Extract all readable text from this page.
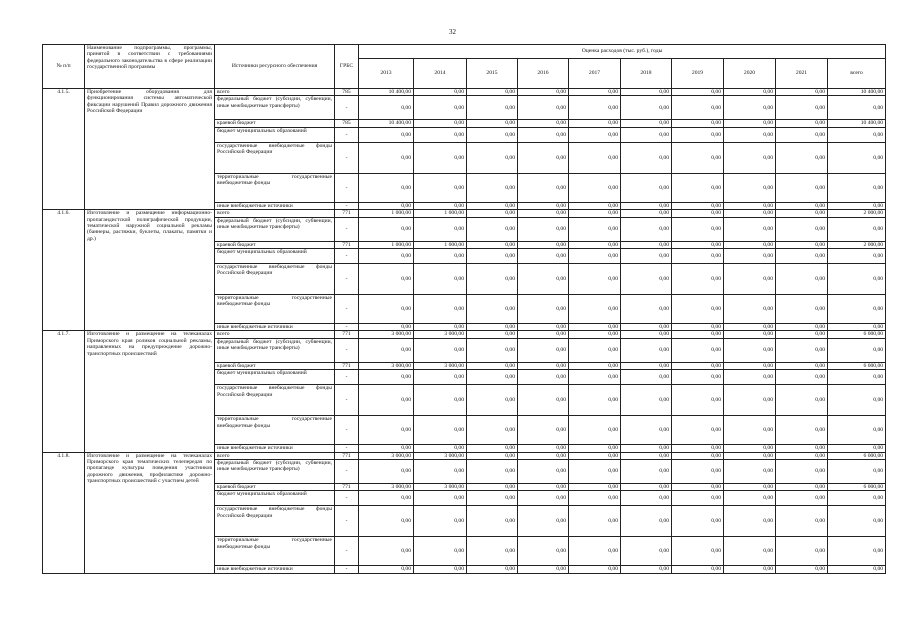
32
№ п/п	Наименование подпрограммы, программы, принятой в соответствии с требованиями федерального законодательства в сфере реализации государственной программы	Источники ресурсного обеспечения	ГРБС	Оценка расходов (тыс. руб.), годы									
				2013	2014	2015	2016	2017	2018	2019	2020	2021	всего
4.1.5.	Приобретение оборудования для функционирования системы автоматической фиксации нарушений Правил дорожного движения Российской Федерации	всего	785	10 400,00	0,00	0,00	0,00	0,00	0,00	0,00	0,00	0,00	10 400,00
		федеральный бюджет (субсидии, субвенции, иные межбюджетные трансферты)	-	0,00	0,00	0,00	0,00	0,00	0,00	0,00	0,00	0,00	0,00
		краевой бюджет	785	10 400,00	0,00	0,00	0,00	0,00	0,00	0,00	0,00	0,00	10 400,00
		бюджет муниципальных образований	-	0,00	0,00	0,00	0,00	0,00	0,00	0,00	0,00	0,00	0,00
		государственные внебюджетные фонды Российской Федерации	-	0,00	0,00	0,00	0,00	0,00	0,00	0,00	0,00	0,00	0,00
		территориальные государственные внебюджетные фонды	-	0,00	0,00	0,00	0,00	0,00	0,00	0,00	0,00	0,00	0,00
		иные внебюджетные источники	-	0,00	0,00	0,00	0,00	0,00	0,00	0,00	0,00	0,00	0,00
4.1.6.	Изготовление и размещение информационно-пропагандистской полиграфической продукции, тематической наружной социальной рекламы (баннеры, растяжки, буклеты, плакаты, памятки и др.)	всего	771	1 000,00	1 000,00	0,00	0,00	0,00	0,00	0,00	0,00	0,00	2 000,00
		федеральный бюджет (субсидии, субвенции, иные межбюджетные трансферты)	-	0,00	0,00	0,00	0,00	0,00	0,00	0,00	0,00	0,00	0,00
		краевой бюджет	771	1 000,00	1 000,00	0,00	0,00	0,00	0,00	0,00	0,00	0,00	2 000,00
		бюджет муниципальных образований	-	0,00	0,00	0,00	0,00	0,00	0,00	0,00	0,00	0,00	0,00
		государственные внебюджетные фонды Российской Федерации	-	0,00	0,00	0,00	0,00	0,00	0,00	0,00	0,00	0,00	0,00
		территориальные государственные внебюджетные фонды	-	0,00	0,00	0,00	0,00	0,00	0,00	0,00	0,00	0,00	0,00
		иные внебюджетные источники	-	0,00	0,00	0,00	0,00	0,00	0,00	0,00	0,00	0,00	0,00
4.1.7.	Изготовление и размещение на телеканалах Приморского края роликов социальной рекламы, направленных на предупреждение дорожно-транспортных происшествий	всего	771	3 000,00	3 000,00	0,00	0,00	0,00	0,00	0,00	0,00	0,00	6 000,00
		федеральный бюджет (субсидии, субвенции, иные межбюджетные трансферты)	-	0,00	0,00	0,00	0,00	0,00	0,00	0,00	0,00	0,00	0,00
		краевой бюджет	771	3 000,00	3 000,00	0,00	0,00	0,00	0,00	0,00	0,00	0,00	6 000,00
		бюджет муниципальных образований	-	0,00	0,00	0,00	0,00	0,00	0,00	0,00	0,00	0,00	0,00
		государственные внебюджетные фонды Российской Федерации	-	0,00	0,00	0,00	0,00	0,00	0,00	0,00	0,00	0,00	0,00
		территориальные государственные внебюджетные фонды	-	0,00	0,00	0,00	0,00	0,00	0,00	0,00	0,00	0,00	0,00
		иные внебюджетные источники	-	0,00	0,00	0,00	0,00	0,00	0,00	0,00	0,00	0,00	0,00
4.1.8.	Изготовление и размещение на телеканалах Приморского края тематических телепередач по пропаганде культуры поведения участников дорожного движения, профилактике дорожно-транспортных происшествий с участием детей	всего	771	3 000,00	3 000,00	0,00	0,00	0,00	0,00	0,00	0,00	0,00	6 000,00
		федеральный бюджет (субсидии, субвенции, иные межбюджетные трансферты)	-	0,00	0,00	0,00	0,00	0,00	0,00	0,00	0,00	0,00	0,00
		краевой бюджет	771	3 000,00	3 000,00	0,00	0,00	0,00	0,00	0,00	0,00	0,00	6 000,00
		бюджет муниципальных образований	-	0,00	0,00	0,00	0,00	0,00	0,00	0,00	0,00	0,00	0,00
		государственные внебюджетные фонды Российской Федерации	-	0,00	0,00	0,00	0,00	0,00	0,00	0,00	0,00	0,00	0,00
		территориальные государственные внебюджетные фонды	-	0,00	0,00	0,00	0,00	0,00	0,00	0,00	0,00	0,00	0,00
		иные внебюджетные источники	-	0,00	0,00	0,00	0,00	0,00	0,00	0,00	0,00	0,00	0,00
